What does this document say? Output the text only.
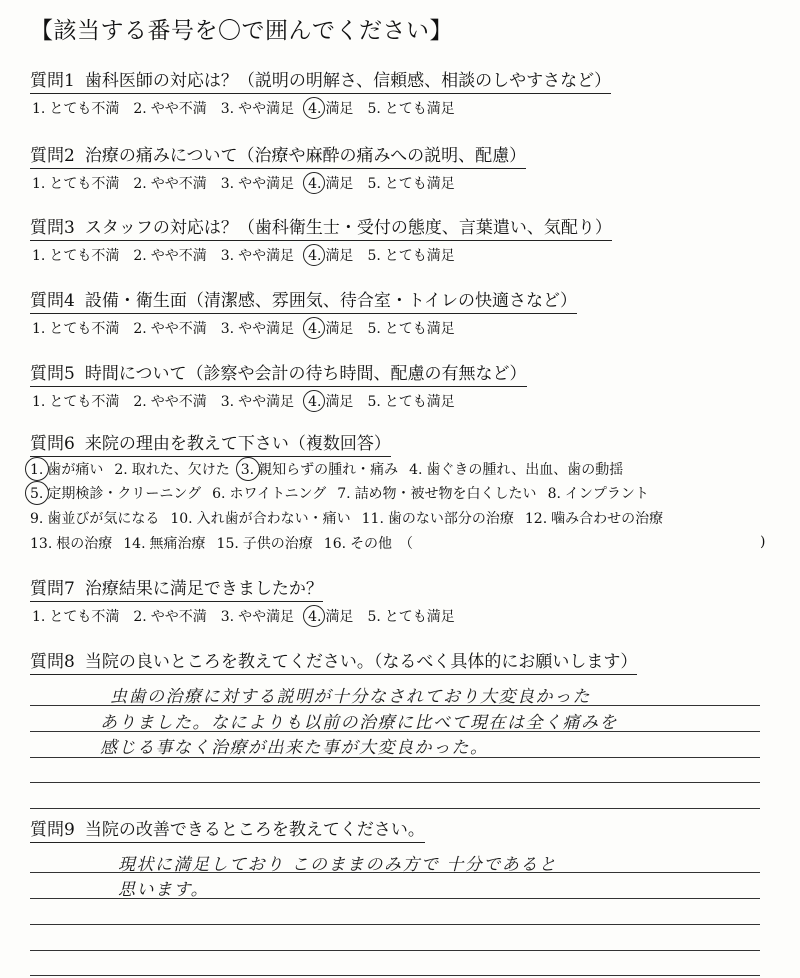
【該当する番号を〇で囲んでください】
質問1 歯科医師の対応は？（説明の明解さ、信頼感、相談のしやすさなど）
1. とても不満 2. やや不満 3. やや満足 4. 満足 5. とても満足
質問2 治療の痛みについて（治療や麻酔の痛みへの説明、配慮）
1. とても不満 2. やや不満 3. やや満足 4. 満足 5. とても満足
質問3 スタッフの対応は？（歯科衛生士・受付の態度、言葉遣い、気配り）
1. とても不満 2. やや不満 3. やや満足 4. 満足 5. とても満足
質問4 設備・衛生面（清潔感、雰囲気、待合室・トイレの快適さなど）
1. とても不満 2. やや不満 3. やや満足 4. 満足 5. とても満足
質問5 時間について（診察や会計の待ち時間、配慮の有無など）
1. とても不満 2. やや不満 3. やや満足 4. 満足 5. とても満足
質問7 治療結果に満足できましたか？
1. とても不満 2. やや不満 3. やや満足 4. 満足 5. とても満足
質問6 来院の理由を教えて下さい（複数回答）
1. 歯が痛い 2. 取れた、欠けた 3. 親知らずの腫れ・痛み 4. 歯ぐきの腫れ、出血、歯の動揺
5. 定期検診・クリーニング 6. ホワイトニング 7. 詰め物・被せ物を白くしたい 8. インプラント
9. 歯並びが気になる 10. 入れ歯が合わない・痛い 11. 歯のない部分の治療 12. 噛み合わせの治療
13. 根の治療 14. 無痛治療 15. 子供の治療 16. その他　（	)
質問8 当院の良いところを教えてください。（なるべく具体的にお願いします）
虫歯の治療に対する説明が十分なされており大変良かった
ありました。なによりも以前の治療に比べて現在は全く痛みを
感じる事なく治療が出来た事が大変良かった。
質問9 当院の改善できるところを教えてください。
現状に満足しており このままのみ方で 十分であると
思います。
